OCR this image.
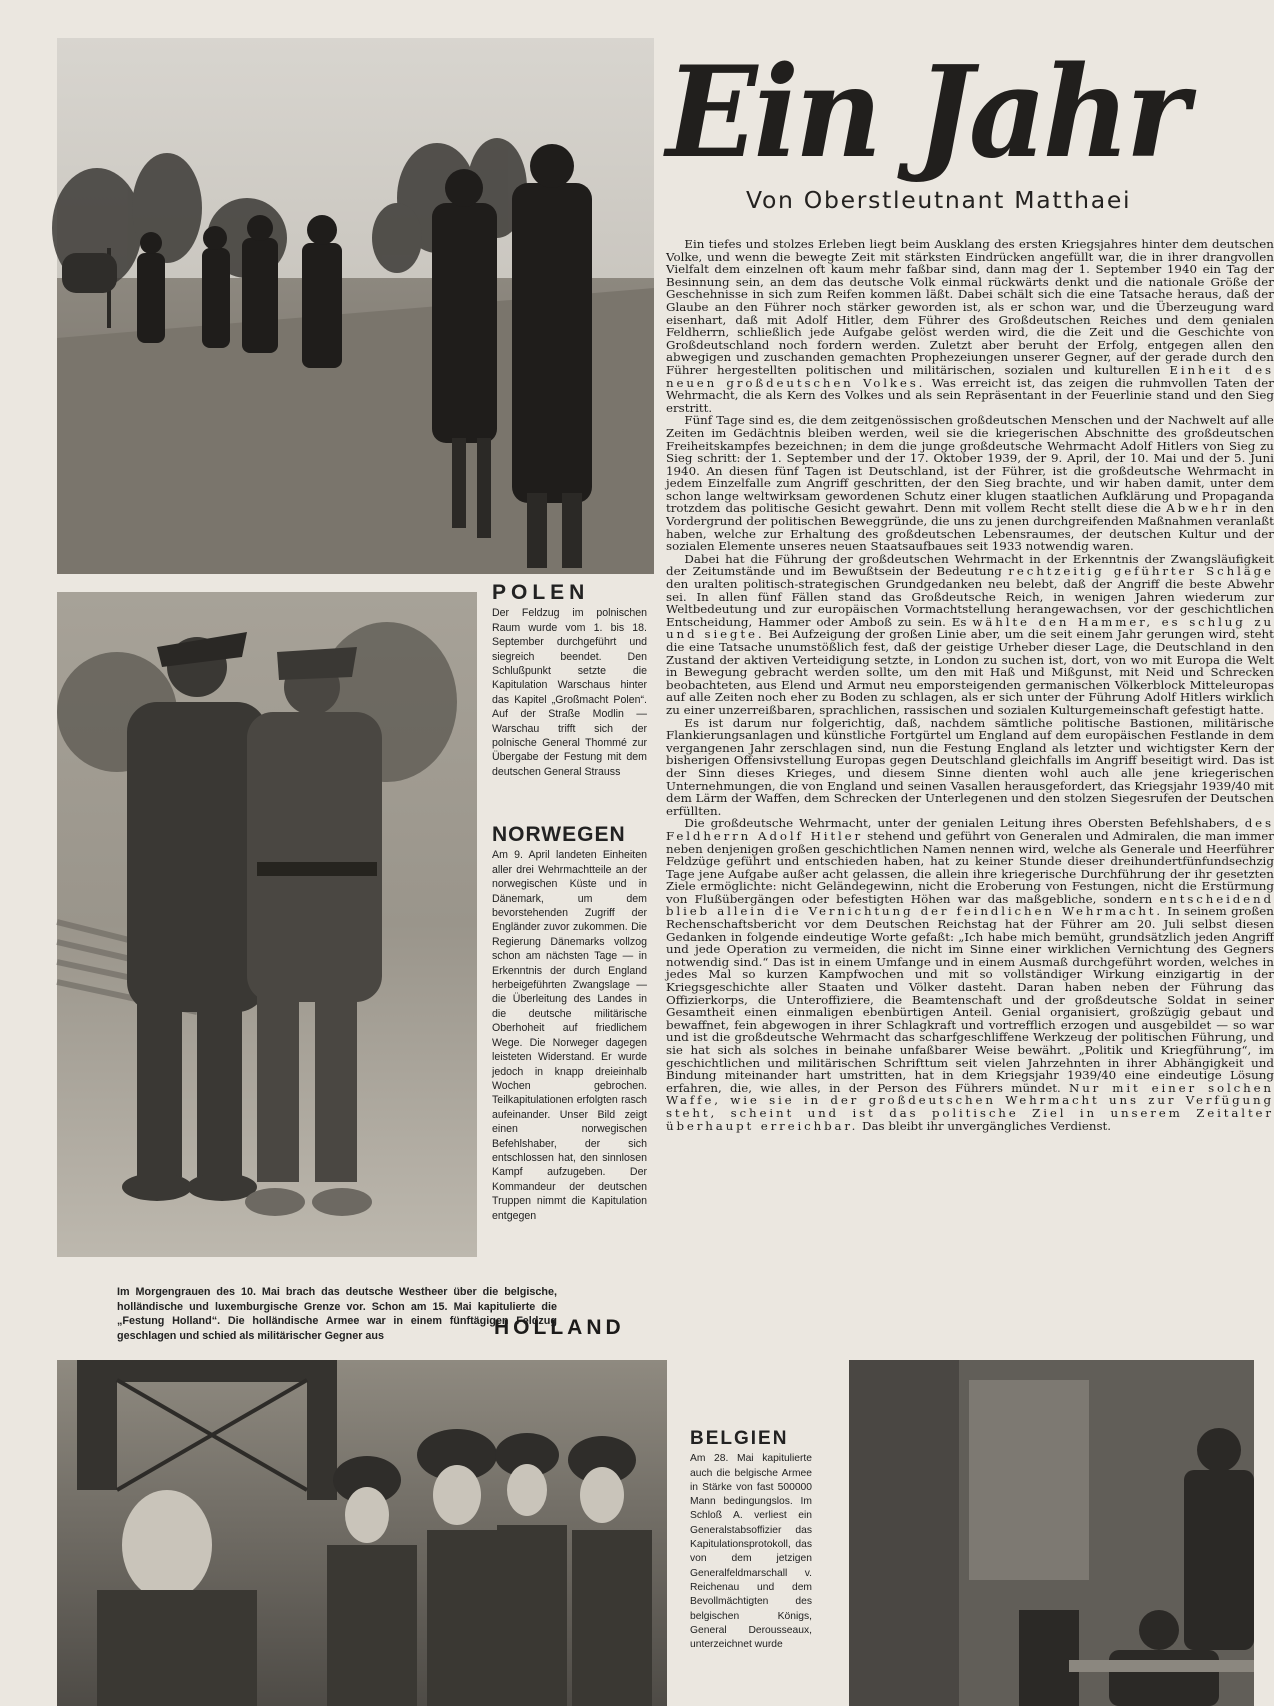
Ein Jahr
Von Oberstleutnant Matthaei

Ein tiefes und stolzes Erleben liegt beim Ausklang des ersten Kriegsjahres hinter dem deutschen Volke, und wenn die bewegte Zeit mit stärksten Eindrücken angefüllt war, die in ihrer drangvollen Vielfalt dem einzelnen oft kaum mehr faßbar sind, dann mag der 1. September 1940 ein Tag der Besinnung sein, an dem das deutsche Volk einmal rückwärts denkt und die nationale Größe der Geschehnisse in sich zum Reifen kommen läßt. Dabei schält sich die eine Tatsache heraus, daß der Glaube an den Führer noch stärker geworden ist, als er schon war, und die Überzeugung ward eisenhart, daß mit Adolf Hitler, dem Führer des Großdeutschen Reiches und dem genialen Feldherrn, schließlich jede Aufgabe gelöst werden wird, die die Zeit und die Geschichte von Großdeutschland noch fordern werden. Zuletzt aber beruht der Erfolg, entgegen allen den abwegigen und zuschanden gemachten Prophezeiungen unserer Gegner, auf der gerade durch den Führer hergestellten politischen und militärischen, sozialen und kulturellen Einheit des neuen großdeutschen Volkes. Was erreicht ist, das zeigen die ruhmvollen Taten der Wehrmacht, die als Kern des Volkes und als sein Repräsentant in der Feuerlinie stand und den Sieg erstritt.

Fünf Tage sind es, die dem zeitgenössischen großdeutschen Menschen und der Nachwelt auf alle Zeiten im Gedächtnis bleiben werden, weil sie die kriegerischen Abschnitte des großdeutschen Freiheitskampfes bezeichnen; in dem die junge großdeutsche Wehrmacht Adolf Hitlers von Sieg zu Sieg schritt: der 1. September und der 17. Oktober 1939, der 9. April, der 10. Mai und der 5. Juni 1940. An diesen fünf Tagen ist Deutschland, ist der Führer, ist die großdeutsche Wehrmacht in jedem Einzelfalle zum Angriff geschritten, der den Sieg brachte, und wir haben damit, unter dem schon lange weltwirksam gewordenen Schutz einer klugen staatlichen Aufklärung und Propaganda trotzdem das politische Gesicht gewahrt. Denn mit vollem Recht stellt diese die Abwehr in den Vordergrund der politischen Beweggründe, die uns zu jenen durchgreifenden Maßnahmen veranlaßt haben, welche zur Erhaltung des großdeutschen Lebensraumes, der deutschen Kultur und der sozialen Elemente unseres neuen Staatsaufbaues seit 1933 notwendig waren.

Dabei hat die Führung der großdeutschen Wehrmacht in der Erkenntnis der Zwangsläufigkeit der Zeitumstände und im Bewußtsein der Bedeutung rechtzeitig geführter Schläge den uralten politisch-strategischen Grundgedanken neu belebt, daß der Angriff die beste Abwehr sei. In allen fünf Fällen stand das Großdeutsche Reich, in wenigen Jahren wiederum zur Weltbedeutung und zur europäischen Vormachtstellung herangewachsen, vor der geschichtlichen Entscheidung, Hammer oder Amboß zu sein. Es wählte den Hammer, es schlug zu und siegte. Bei Aufzeigung der großen Linie aber, um die seit einem Jahr gerungen wird, steht die eine Tatsache unumstößlich fest, daß der geistige Urheber dieser Lage, die Deutschland in den Zustand der aktiven Verteidigung setzte, in London zu suchen ist, dort, von wo mit Europa die Welt in Bewegung gebracht werden sollte, um den mit Haß und Mißgunst, mit Neid und Schrecken beobachteten, aus Elend und Armut neu emporsteigenden germanischen Völkerblock Mitteleuropas auf alle Zeiten noch eher zu Boden zu schlagen, als er sich unter der Führung Adolf Hitlers wirklich zu einer unzerreißbaren, sprachlichen, rassischen und sozialen Kulturgemeinschaft gefestigt hatte.

Es ist darum nur folgerichtig, daß, nachdem sämtliche politische Bastionen, militärische Flankierungsanlagen und künstliche Fortgürtel um England auf dem europäischen Festlande in dem vergangenen Jahr zerschlagen sind, nun die Festung England als letzter und wichtigster Kern der bisherigen Offensivstellung Europas gegen Deutschland gleichfalls im Angriff beseitigt wird. Das ist der Sinn dieses Krieges, und diesem Sinne dienten wohl auch alle jene kriegerischen Unternehmungen, die von England und seinen Vasallen herausgefordert, das Kriegsjahr 1939/40 mit dem Lärm der Waffen, dem Schrecken der Unterlegenen und den stolzen Siegesrufen der Deutschen erfüllten.

Die großdeutsche Wehrmacht, unter der genialen Leitung ihres Obersten Befehlshabers, des Feldherrn Adolf Hitler stehend und geführt von Generalen und Admiralen, die man immer neben denjenigen großen geschichtlichen Namen nennen wird, welche als Generale und Heerführer Feldzüge geführt und entschieden haben, hat zu keiner Stunde dieser dreihundertfünfundsechzig Tage jene Aufgabe außer acht gelassen, die allein ihre kriegerische Durchführung der ihr gesetzten Ziele ermöglichte: nicht Geländegewinn, nicht die Eroberung von Festungen, nicht die Erstürmung von Flußübergängen oder befestigten Höhen war das maßgebliche, sondern entscheidend blieb allein die Vernichtung der feindlichen Wehrmacht. In seinem großen Rechenschaftsbericht vor dem Deutschen Reichstag hat der Führer am 20. Juli selbst diesen Gedanken in folgende eindeutige Worte gefaßt: „Ich habe mich bemüht, grundsätzlich jeden Angriff und jede Operation zu vermeiden, die nicht im Sinne einer wirklichen Vernichtung des Gegners notwendig sind.“ Das ist in einem Umfange und in einem Ausmaß durchgeführt worden, welches in jedes Mal so kurzen Kampfwochen und mit so vollständiger Wirkung einzigartig in der Kriegsgeschichte aller Staaten und Völker dasteht. Daran haben neben der Führung das Offizierkorps, die Unteroffiziere, die Beamtenschaft und der großdeutsche Soldat in seiner Gesamtheit einen einmaligen ebenbürtigen Anteil. Genial organisiert, großzügig gebaut und bewaffnet, fein abgewogen in ihrer Schlagkraft und vortrefflich erzogen und ausgebildet — so war und ist die großdeutsche Wehrmacht das scharfgeschliffene Werkzeug der politischen Führung, und sie hat sich als solches in beinahe unfaßbarer Weise bewährt. „Politik und Kriegführung“, im geschichtlichen und militärischen Schrifttum seit vielen Jahrzehnten in ihrer Abhängigkeit und Bindung miteinander hart umstritten, hat in dem Kriegsjahr 1939/40 eine eindeutige Lösung erfahren, die, wie alles, in der Person des Führers mündet. Nur mit einer solchen Waffe, wie sie in der großdeutschen Wehrmacht uns zur Verfügung steht, scheint und ist das politische Ziel in unserem Zeitalter überhaupt erreichbar. Das bleibt ihr unvergängliches Verdienst.

POLEN

Der Feldzug im polnischen Raum wurde vom 1. bis 18. September durchgeführt und siegreich beendet. Den Schlußpunkt setzte die Kapitulation Warschaus hinter das Kapitel „Großmacht Polen“. Auf der Straße Modlin — Warschau trifft sich der polnische General Thommé zur Übergabe der Festung mit dem deutschen General Strauss

NORWEGEN

Am 9. April landeten Einheiten aller drei Wehrmachtteile an der norwegischen Küste und in Dänemark, um dem bevorstehenden Zugriff der Engländer zuvor zukommen. Die Regierung Dänemarks vollzog schon am nächsten Tage — in Erkenntnis der durch England herbeigeführten Zwangslage — die Überleitung des Landes in die deutsche militärische Oberhoheit auf friedlichem Wege. Die Norweger dagegen leisteten Widerstand. Er wurde jedoch in knapp dreieinhalb Wochen gebrochen. Teilkapitulationen erfolgten rasch aufeinander. Unser Bild zeigt einen norwegischen Befehlshaber, der sich entschlossen hat, den sinnlosen Kampf aufzugeben. Der Kommandeur der deutschen Truppen nimmt die Kapitulation entgegen

Im Morgengrauen des 10. Mai brach das deutsche Westheer über die belgische, holländische und luxemburgische Grenze vor. Schon am 15. Mai kapitulierte die „Festung Holland“. Die holländische Armee war in einem fünftägigen Feldzug geschlagen und schied als militärischer Gegner aus	HOLLAND
BELGIEN

Am 28. Mai kapitulierte auch die belgische Armee in Stärke von fast 500000 Mann bedingungslos. Im Schloß A. verliest ein Generalstabsoffizier das Kapitulationsprotokoll, das von dem jetzigen Generalfeldmarschall v. Reichenau und dem Bevollmächtigten des belgischen Königs, General Derousseaux, unterzeichnet wurde
